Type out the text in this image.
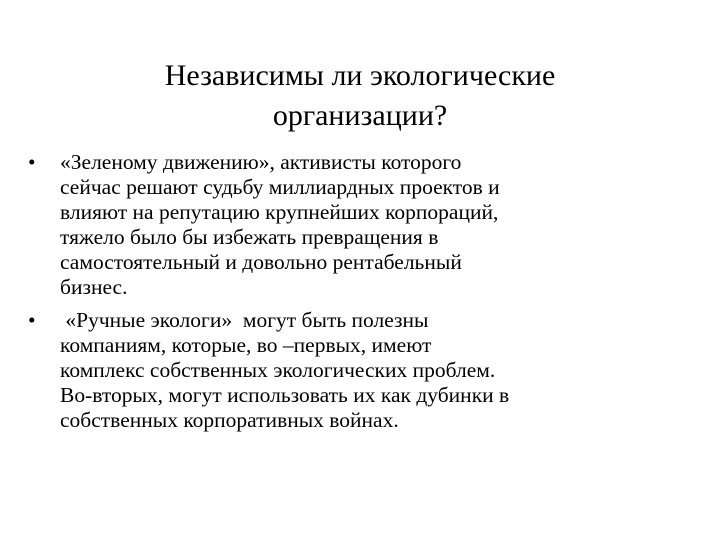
Независимы ли экологические
организации?
•	«Зеленому движению», активисты которого
сейчас решают судьбу миллиардных проектов и
влияют на репутацию крупнейших корпораций,
тяжело было бы избежать превращения в
самостоятельный и довольно рентабельный
бизнес.
•	«Ручные экологи»  могут быть полезны
компаниям, которые, во –первых, имеют
комплекс собственных экологических проблем.
Во-вторых, могут использовать их как дубинки в
собственных корпоративных войнах.
